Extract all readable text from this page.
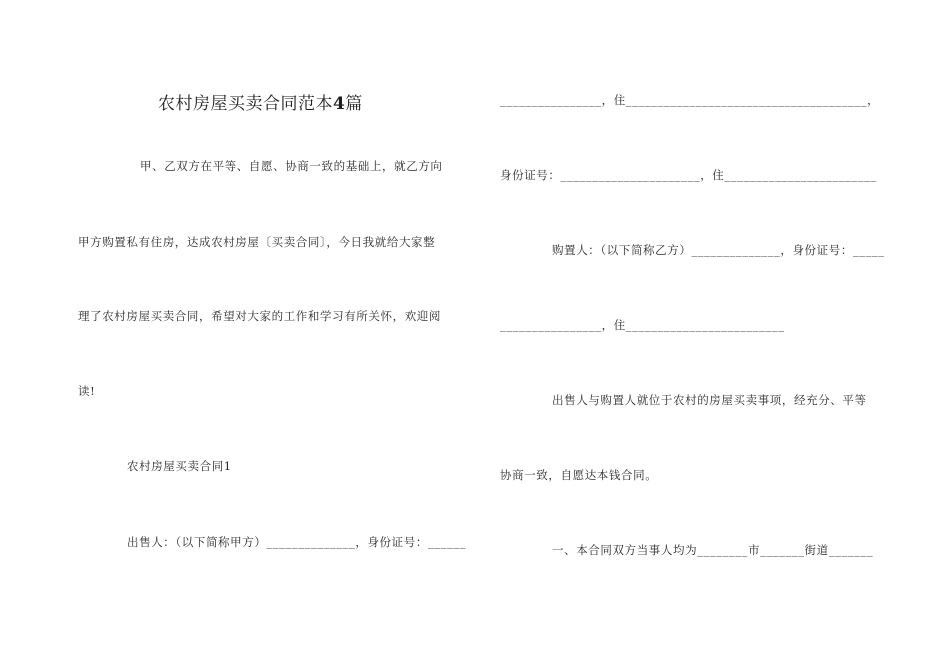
农村房屋买卖合同范本4篇
甲、乙双方在平等、自愿、协商一致的基础上，就乙方向
甲方购置私有住房，达成农村房屋〔买卖合同〕，今日我就给大家整
理了农村房屋买卖合同，希望对大家的工作和学习有所关怀，欢迎阅
读!
农村房屋买卖合同1
出售人：（以下简称甲方）______________，身份证号：______
________________，住______________________________________，
身份证号：______________________，住________________________
购置人：（以下简称乙方）______________，身份证号：_____
________________，住_________________________
出售人与购置人就位于农村的房屋买卖事项，经充分、平等
协商一致，自愿达本钱合同。
一、本合同双方当事人均为________市_______街道_______
